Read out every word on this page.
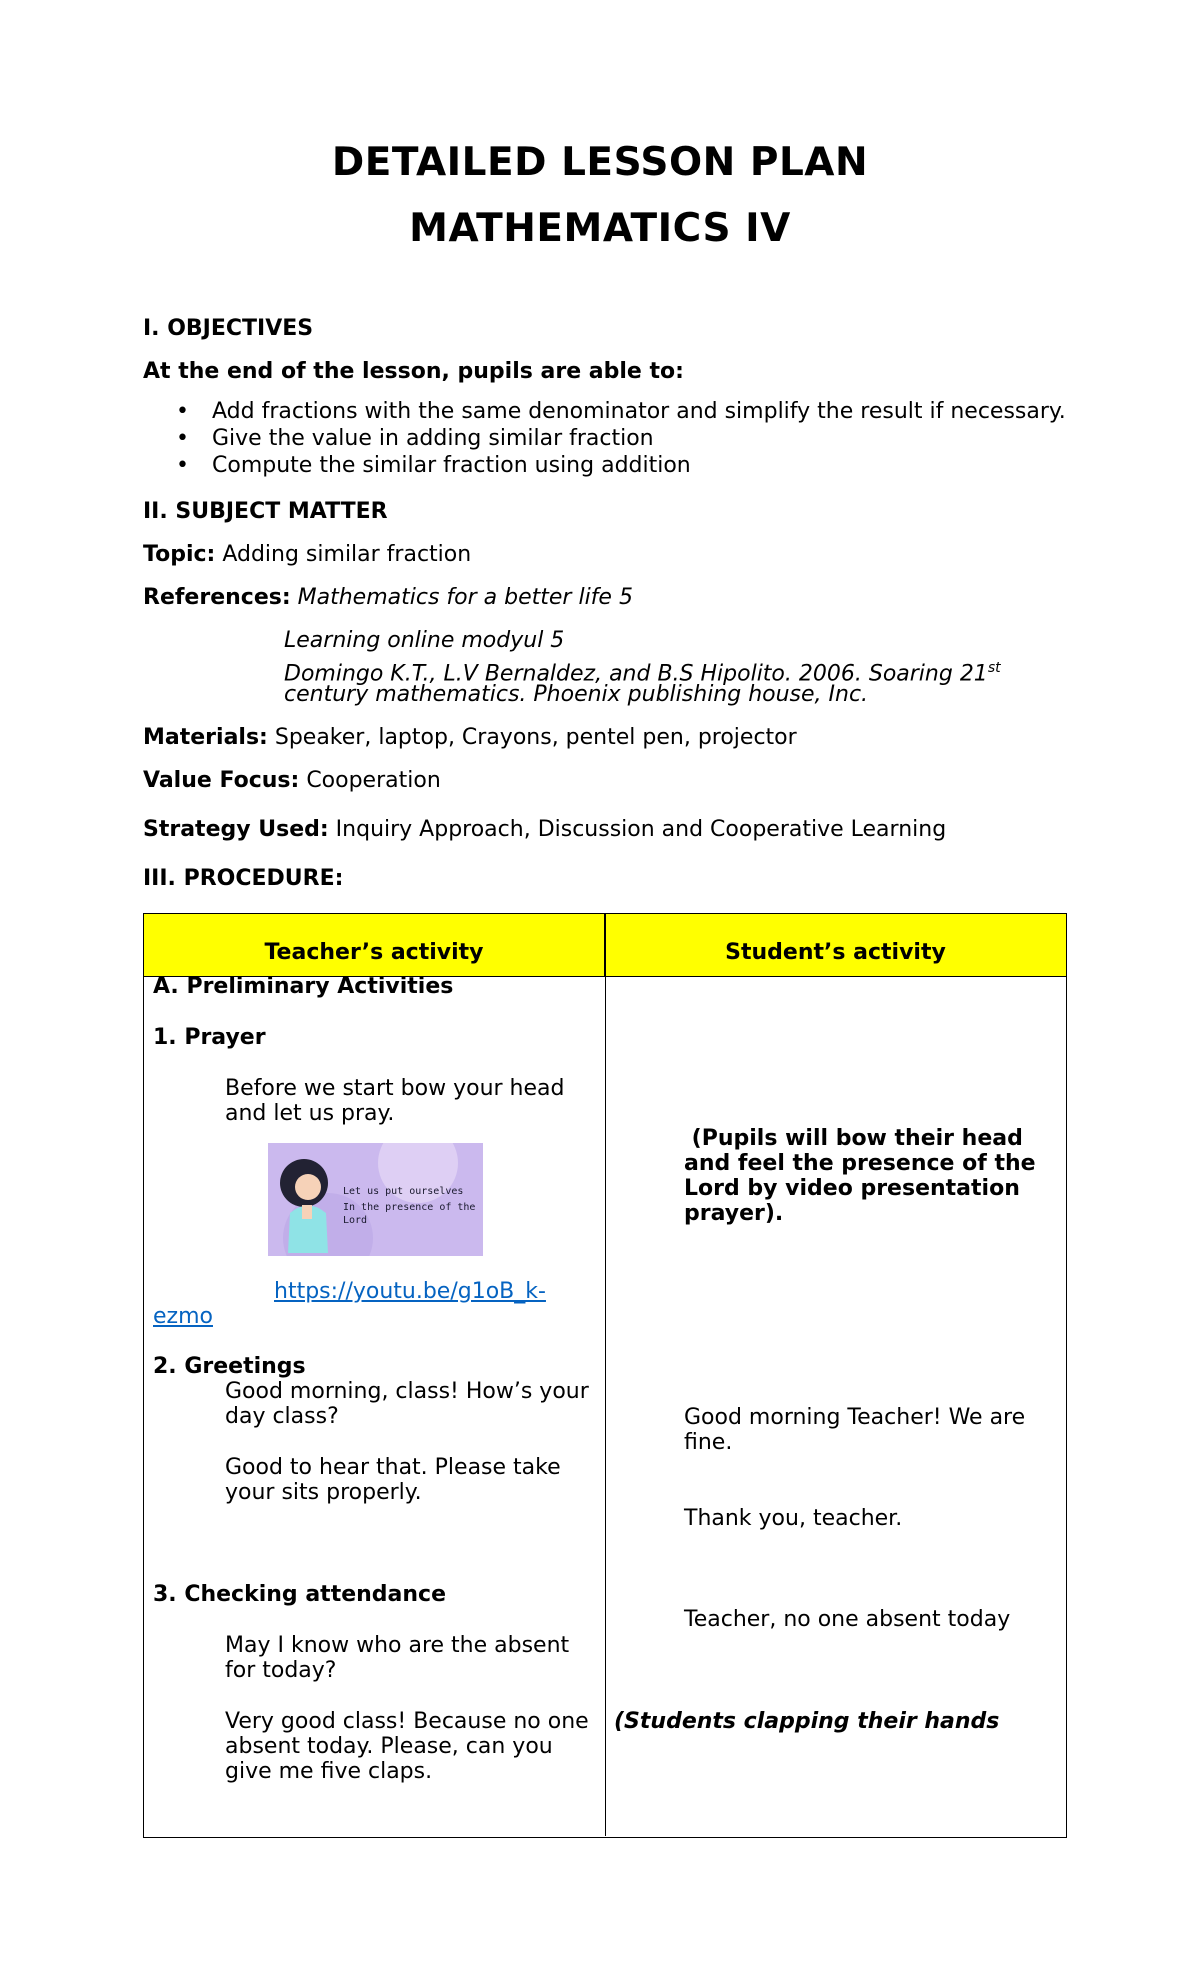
DETAILED LESSON PLAN
MATHEMATICS IV
I. OBJECTIVES
At the end of the lesson, pupils are able to:
• Add fractions with the same denominator and simplify the result if necessary.
• Give the value in adding similar fraction
• Compute the similar fraction using addition
II. SUBJECT MATTER
Topic: Adding similar fraction
References: Mathematics for a better life 5
Learning online modyul 5
Domingo K.T., L.V Bernaldez, and B.S Hipolito. 2006. Soaring 21st
century mathematics. Phoenix publishing house, Inc.
Materials: Speaker, laptop, Crayons, pentel pen, projector
Value Focus: Cooperation
Strategy Used: Inquiry Approach, Discussion and Cooperative Learning
III. PROCEDURE:
Teacher’s activity	Student’s activity
A. Preliminary Activities
1. Prayer
Before we start bow your head
and let us pray.
Let us put ourselves
In the presence of the Lord
https://youtu.be/g1oB_k-
ezmo
2. Greetings
Good morning, class! How’s your
day class?
Good to hear that. Please take
your sits properly.
3. Checking attendance
May I know who are the absent
for today?
Very good class! Because no one
absent today. Please, can you
give me five claps.
(Pupils will bow their head
and feel the presence of the
Lord by video presentation
prayer).
Good morning Teacher! We are
fine.
Thank you, teacher.
Teacher, no one absent today
(Students clapping their hands
